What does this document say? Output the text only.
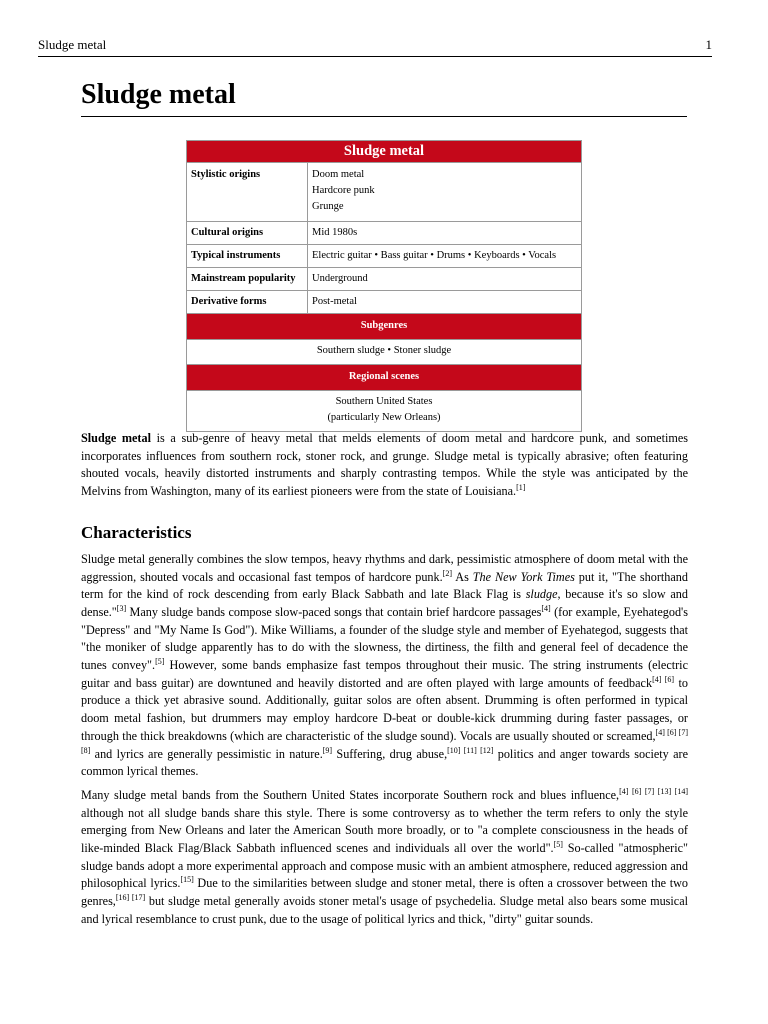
Sludge metal	1
Sludge metal
Sludge metal	
Stylistic origins	Doom metal
Hardcore punk
Grunge

Cultural origins	Mid 1980s
Typical instruments	Electric guitar • Bass guitar • Drums • Keyboards • Vocals
Mainstream popularity	Underground
Derivative forms	Post-metal
Subgenres	
Southern sludge • Stoner sludge	
Regional scenes	

Southern United States
(particularly New Orleans)	

Sludge metal is a sub-genre of heavy metal that melds elements of doom metal and hardcore punk, and sometimes incorporates influences from southern rock, stoner rock, and grunge. Sludge metal is typically abrasive; often featuring shouted vocals, heavily distorted instruments and sharply contrasting tempos. While the style was anticipated by the Melvins from Washington, many of its earliest pioneers were from the state of Louisiana.[1]

Characteristics

Sludge metal generally combines the slow tempos, heavy rhythms and dark, pessimistic atmosphere of doom metal with the aggression, shouted vocals and occasional fast tempos of hardcore punk.[2] As The New York Times put it, "The shorthand term for the kind of rock descending from early Black Sabbath and late Black Flag is sludge, because it's so slow and dense."[3] Many sludge bands compose slow-paced songs that contain brief hardcore passages[4] (for example, Eyehategod's "Depress" and "My Name Is God"). Mike Williams, a founder of the sludge style and member of Eyehategod, suggests that "the moniker of sludge apparently has to do with the slowness, the dirtiness, the filth and general feel of decadence the tunes convey".[5] However, some bands emphasize fast tempos throughout their music. The string instruments (electric guitar and bass guitar) are downtuned and heavily distorted and are often played with large amounts of feedback[4] [6] to produce a thick yet abrasive sound. Additionally, guitar solos are often absent. Drumming is often performed in typical doom metal fashion, but drummers may employ hardcore D-beat or double-kick drumming during faster passages, or through the thick breakdowns (which are characteristic of the sludge sound). Vocals are usually shouted or screamed,[4] [6] [7] [8] and lyrics are generally pessimistic in nature.[9] Suffering, drug abuse,[10] [11] [12] politics and anger towards society are common lyrical themes.

Many sludge metal bands from the Southern United States incorporate Southern rock and blues influence,[4] [6] [7] [13] [14] although not all sludge bands share this style. There is some controversy as to whether the term refers to only the style emerging from New Orleans and later the American South more broadly, or to "a complete consciousness in the heads of like-minded Black Flag/Black Sabbath influenced scenes and individuals all over the world".[5] So-called "atmospheric" sludge bands adopt a more experimental approach and compose music with an ambient atmosphere, reduced aggression and philosophical lyrics.[15] Due to the similarities between sludge and stoner metal, there is often a crossover between the two genres,[16] [17] but sludge metal generally avoids stoner metal's usage of psychedelia. Sludge metal also bears some musical and lyrical resemblance to crust punk, due to the usage of political lyrics and thick, "dirty" guitar sounds.
